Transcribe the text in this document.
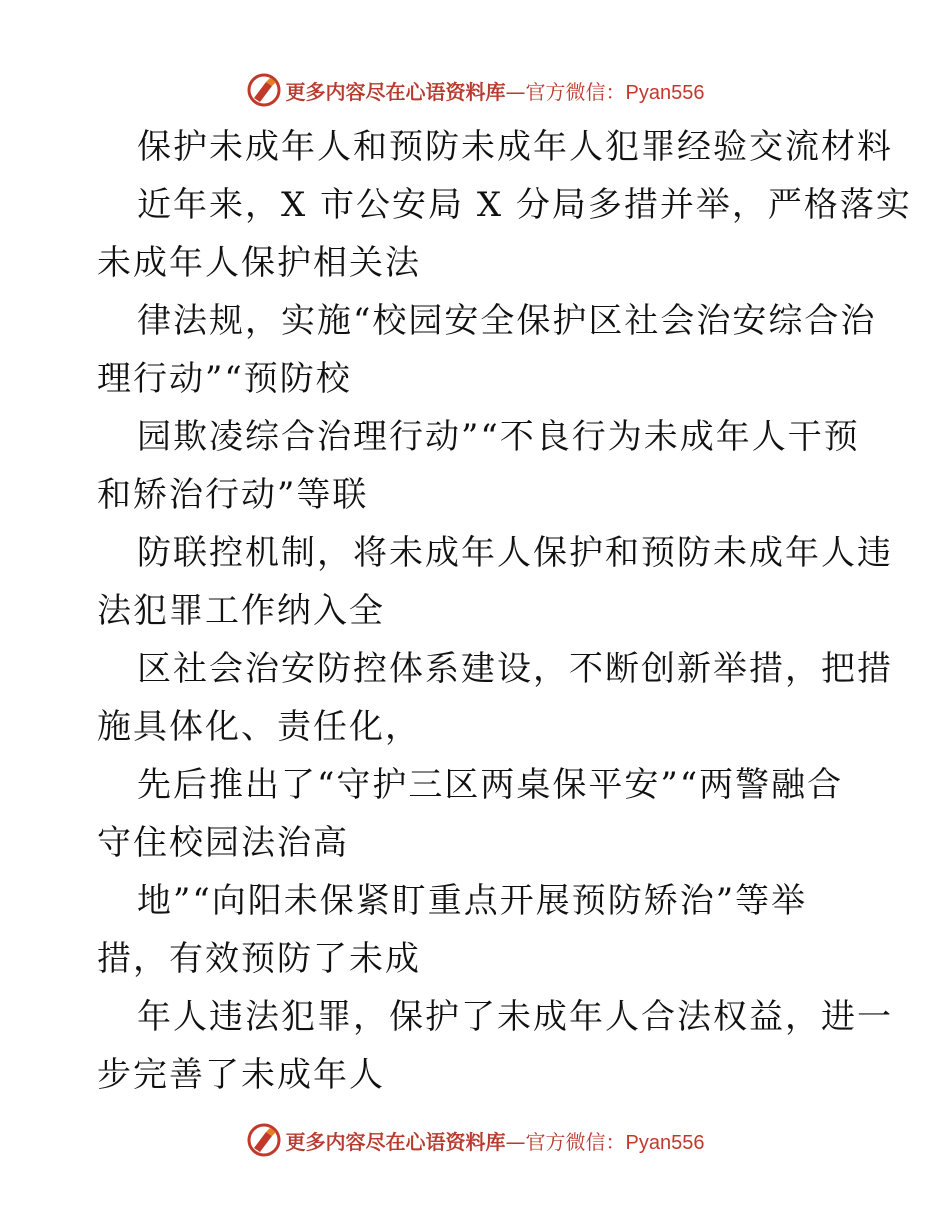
更多内容尽在心语资料库—官方微信：Pyan556
保护未成年人和预防未成年人犯罪经验交流材料
近年来，X 市公安局 X 分局多措并举，严格落实
未成年人保护相关法
律法规，实施“校园安全保护区社会治安综合治
理行动”“预防校
园欺凌综合治理行动”“不良行为未成年人干预
和矫治行动”等联
防联控机制，将未成年人保护和预防未成年人违
法犯罪工作纳入全
区社会治安防控体系建设，不断创新举措，把措
施具体化、责任化，
先后推出了“守护三区两桌保平安”“两警融合
守住校园法治高
地”“向阳未保紧盯重点开展预防矫治”等举
措，有效预防了未成
年人违法犯罪，保护了未成年人合法权益，进一
步完善了未成年人
更多内容尽在心语资料库—官方微信：Pyan556
